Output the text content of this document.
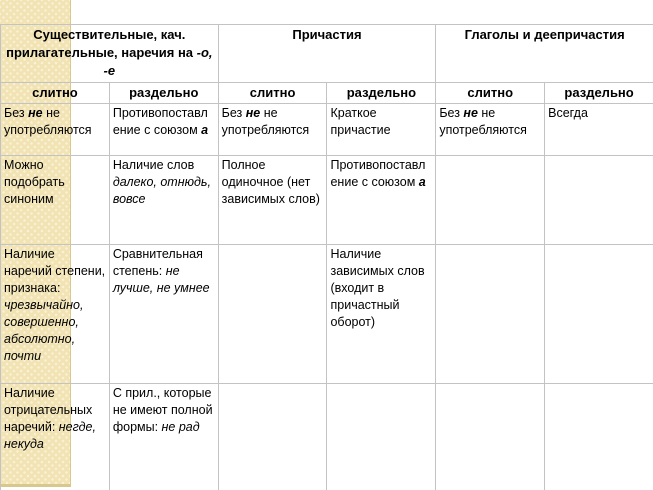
Существительные, кач. прилагательные, наречия на -о, -е		Причастия		Глаголы и деепричастия	
слитно	раздельно	слитно	раздельно	слитно	раздельно
Без не не употребляются	Противопоставление с союзом а	Без не не употребляются	Краткое причастие	Без не не употребляются	Всегда
Можно подобрать синоним	Наличие слов далеко, отнюдь, вовсе	Полное одиночное (нет зависимых слов)	Противопоставление с союзом а		
Наличие наречий степени, признака: чрезвычайно, совершенно, абсолютно, почти	Сравнительная степень: не лучше, не умнее		Наличие зависимых слов (входит в причастный оборот)		
Наличие отрицательных наречий: негде, некуда	С прил., которые не имеют полной формы: не рад				
